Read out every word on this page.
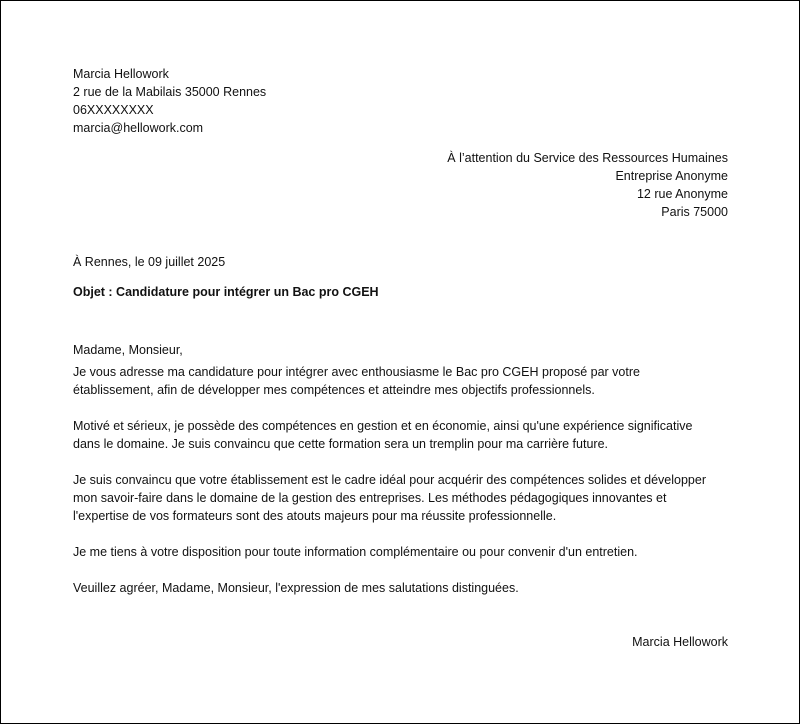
Marcia Hellowork
2 rue de la Mabilais 35000 Rennes
06XXXXXXXX
marcia@hellowork.com
À l’attention du Service des Ressources Humaines
Entreprise Anonyme
12 rue Anonyme
Paris 75000
À Rennes, le 09 juillet 2025
Objet : Candidature pour intégrer un Bac pro CGEH
Madame, Monsieur,

Je vous adresse ma candidature pour intégrer avec enthousiasme le Bac pro CGEH proposé par votre
établissement, afin de développer mes compétences et atteindre mes objectifs professionnels.

Motivé et sérieux, je possède des compétences en gestion et en économie, ainsi qu'une expérience significative
dans le domaine. Je suis convaincu que cette formation sera un tremplin pour ma carrière future.

Je suis convaincu que votre établissement est le cadre idéal pour acquérir des compétences solides et développer
mon savoir-faire dans le domaine de la gestion des entreprises. Les méthodes pédagogiques innovantes et
l'expertise de vos formateurs sont des atouts majeurs pour ma réussite professionnelle.

Je me tiens à votre disposition pour toute information complémentaire ou pour convenir d'un entretien.

Veuillez agréer, Madame, Monsieur, l'expression de mes salutations distinguées.
Marcia Hellowork
